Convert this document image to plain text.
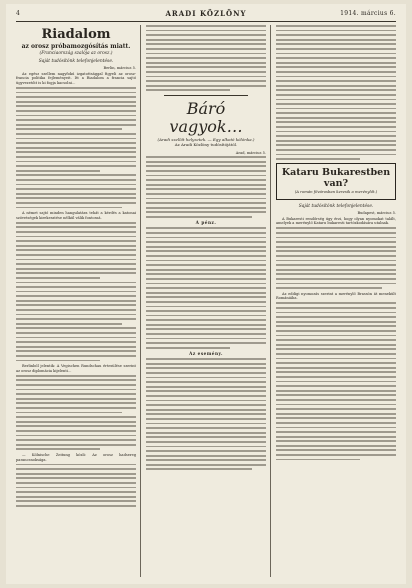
4	ARADI KÖZLÖNY	1914. március 6.
Riadalom
az orosz próbamozgósítás miatt.
(Franciaország szalója az orosz.)
Saját tudósítónk telefonjelentése.
Berlin, március 5.

Az egész szellem nagyfokú izgatottsággal figyeli az orosz-francia politika fejleményeit. Itt a Riadalom a francia sajtó ügyvezetőit is ki fogja kacsolni…

A német sajtó minden hangulatára tehát a kérdés a katonai szövetségek kirekesztése nélkül válik fontossá.

Berlinből jelentik: A Vegischen Rundschau értesülése szerint az orosz diplomácia kijelenti…

— Kölnische Zeitung közli: Az orosz hadsereg parancsnoksága.

Báró vagyok…
(Aradi szellőt helyzetek. — Egy alkotó kölönka.)
Az Aradi Közlöny tudósítójától.
Arad, március 5.
A pénz.
Az esemény.
Kataru Bukarestben van?
(A román fővárosban keresik a merénylőt.)
Saját tudósítónk telefonjelentése.
Budapest, március 5.

A Bukaresti rendőrség úgy érzi, hogy olyan nyomokat talált, amelyek a merénylő Kataru bukaresti tartózkodására utalnak.

Az eddigi nyomozás szerint a merénylő Brassón át menekült Romániába.
